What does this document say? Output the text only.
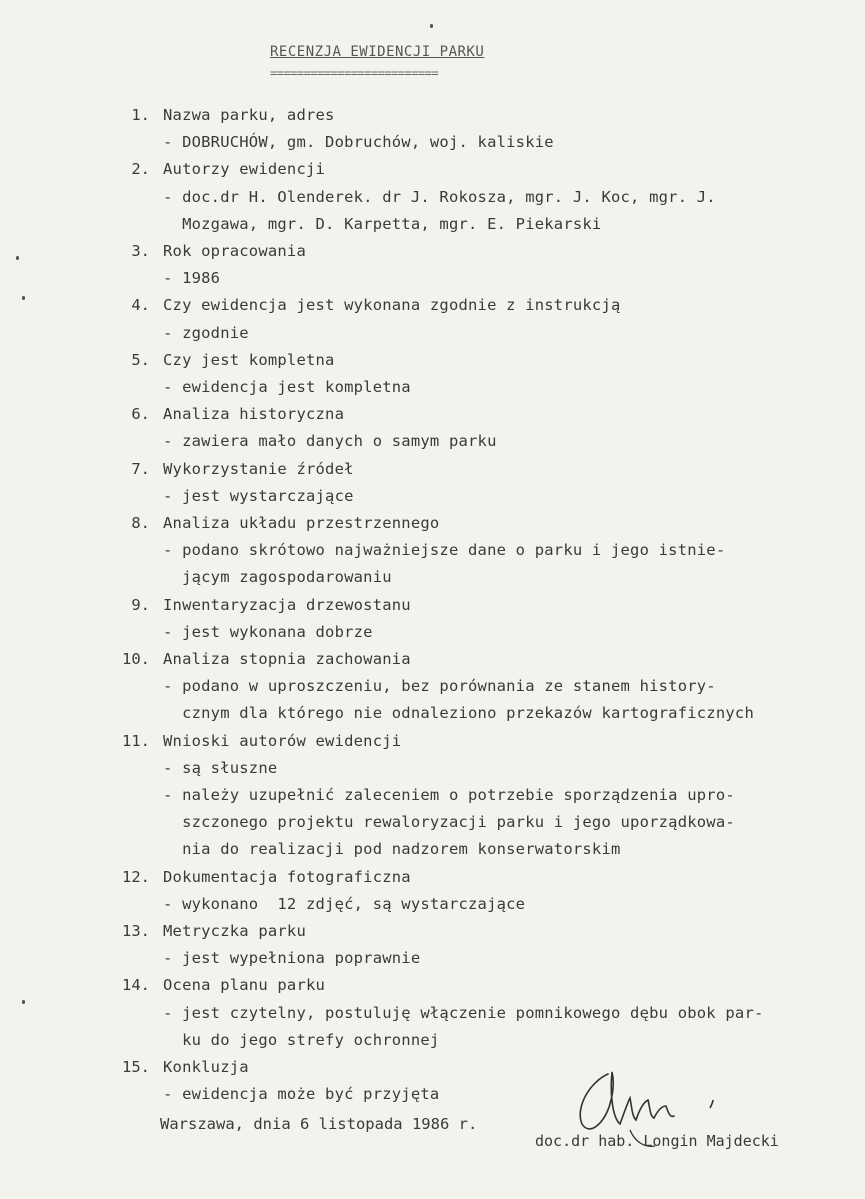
RECENZJA EWIDENCJI PARKU
=========================
1. Nazwa parku, adres
- DOBRUCHÓW, gm. Dobruchów, woj. kaliskie
2. Autorzy ewidencji
- doc.dr H. Olenderek. dr J. Rokosza, mgr. J. Koc, mgr. J.
Mozgawa, mgr. D. Karpetta, mgr. E. Piekarski
3. Rok opracowania
- 1986
4. Czy ewidencja jest wykonana zgodnie z instrukcją
- zgodnie
5. Czy jest kompletna
- ewidencja jest kompletna
6. Analiza historyczna
- zawiera mało danych o samym parku
7. Wykorzystanie źródeł
- jest wystarczające
8. Analiza układu przestrzennego
- podano skrótowo najważniejsze dane o parku i jego istnie-
jącym zagospodarowaniu
9. Inwentaryzacja drzewostanu
- jest wykonana dobrze
10. Analiza stopnia zachowania
- podano w uproszczeniu, bez porównania ze stanem history-
cznym dla którego nie odnaleziono przekazów kartograficznych
11. Wnioski autorów ewidencji
- są słuszne
- należy uzupełnić zaleceniem o potrzebie sporządzenia upro-
szczonego projektu rewaloryzacji parku i jego uporządkowa-
nia do realizacji pod nadzorem konserwatorskim
12. Dokumentacja fotograficzna
- wykonano  12 zdjęć, są wystarczające
13. Metryczka parku
- jest wypełniona poprawnie
14. Ocena planu parku
- jest czytelny, postuluję włączenie pomnikowego dębu obok par-
ku do jego strefy ochronnej
15. Konkluzja
- ewidencja może być przyjęta
Warszawa, dnia 6 listopada 1986 r.
doc.dr hab. Longin Majdecki
